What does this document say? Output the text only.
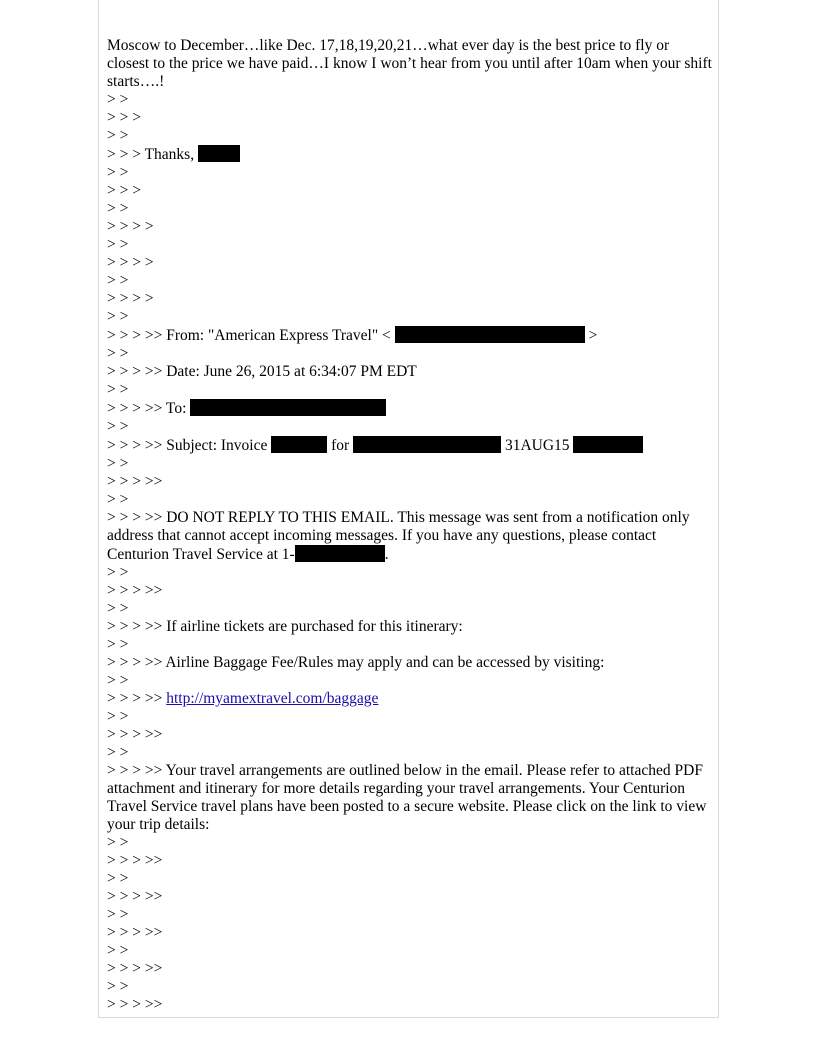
Moscow to December…like Dec. 17,18,19,20,21…what ever day is the best price to fly or closest to the price we have paid…I know I won’t hear from you until after 10am when your shift starts….!
> >
> > >
> >
> > > Thanks,
> >
> > >
> >
> > > >
> >
> > > >
> >
> > > >
> >
> > > >> From: "American Express Travel" <	>
> >
> > > >> Date: June 26, 2015 at 6:34:07 PM EDT
> >
> > > >> To:
> >
> > > >> Subject: Invoice	for	31AUG15
> >
> > > >>
> >
> > > >> DO NOT REPLY TO THIS EMAIL. This message was sent from a notification only address that cannot accept incoming messages. If you have any questions, please contact Centurion Travel Service at 1-	.
> >
> > > >>
> >
> > > >> If airline tickets are purchased for this itinerary:
> >
> > > >> Airline Baggage Fee/Rules may apply and can be accessed by visiting:
> >
> > > >> http://myamextravel.com/baggage
> >
> > > >>
> >
> > > >> Your travel arrangements are outlined below in the email. Please refer to attached PDF attachment and itinerary for more details regarding your travel arrangements. Your Centurion Travel Service travel plans have been posted to a secure website. Please click on the link to view your trip details:
> >
> > > >>
> >
> > > >>
> >
> > > >>
> >
> > > >>
> >
> > > >>
